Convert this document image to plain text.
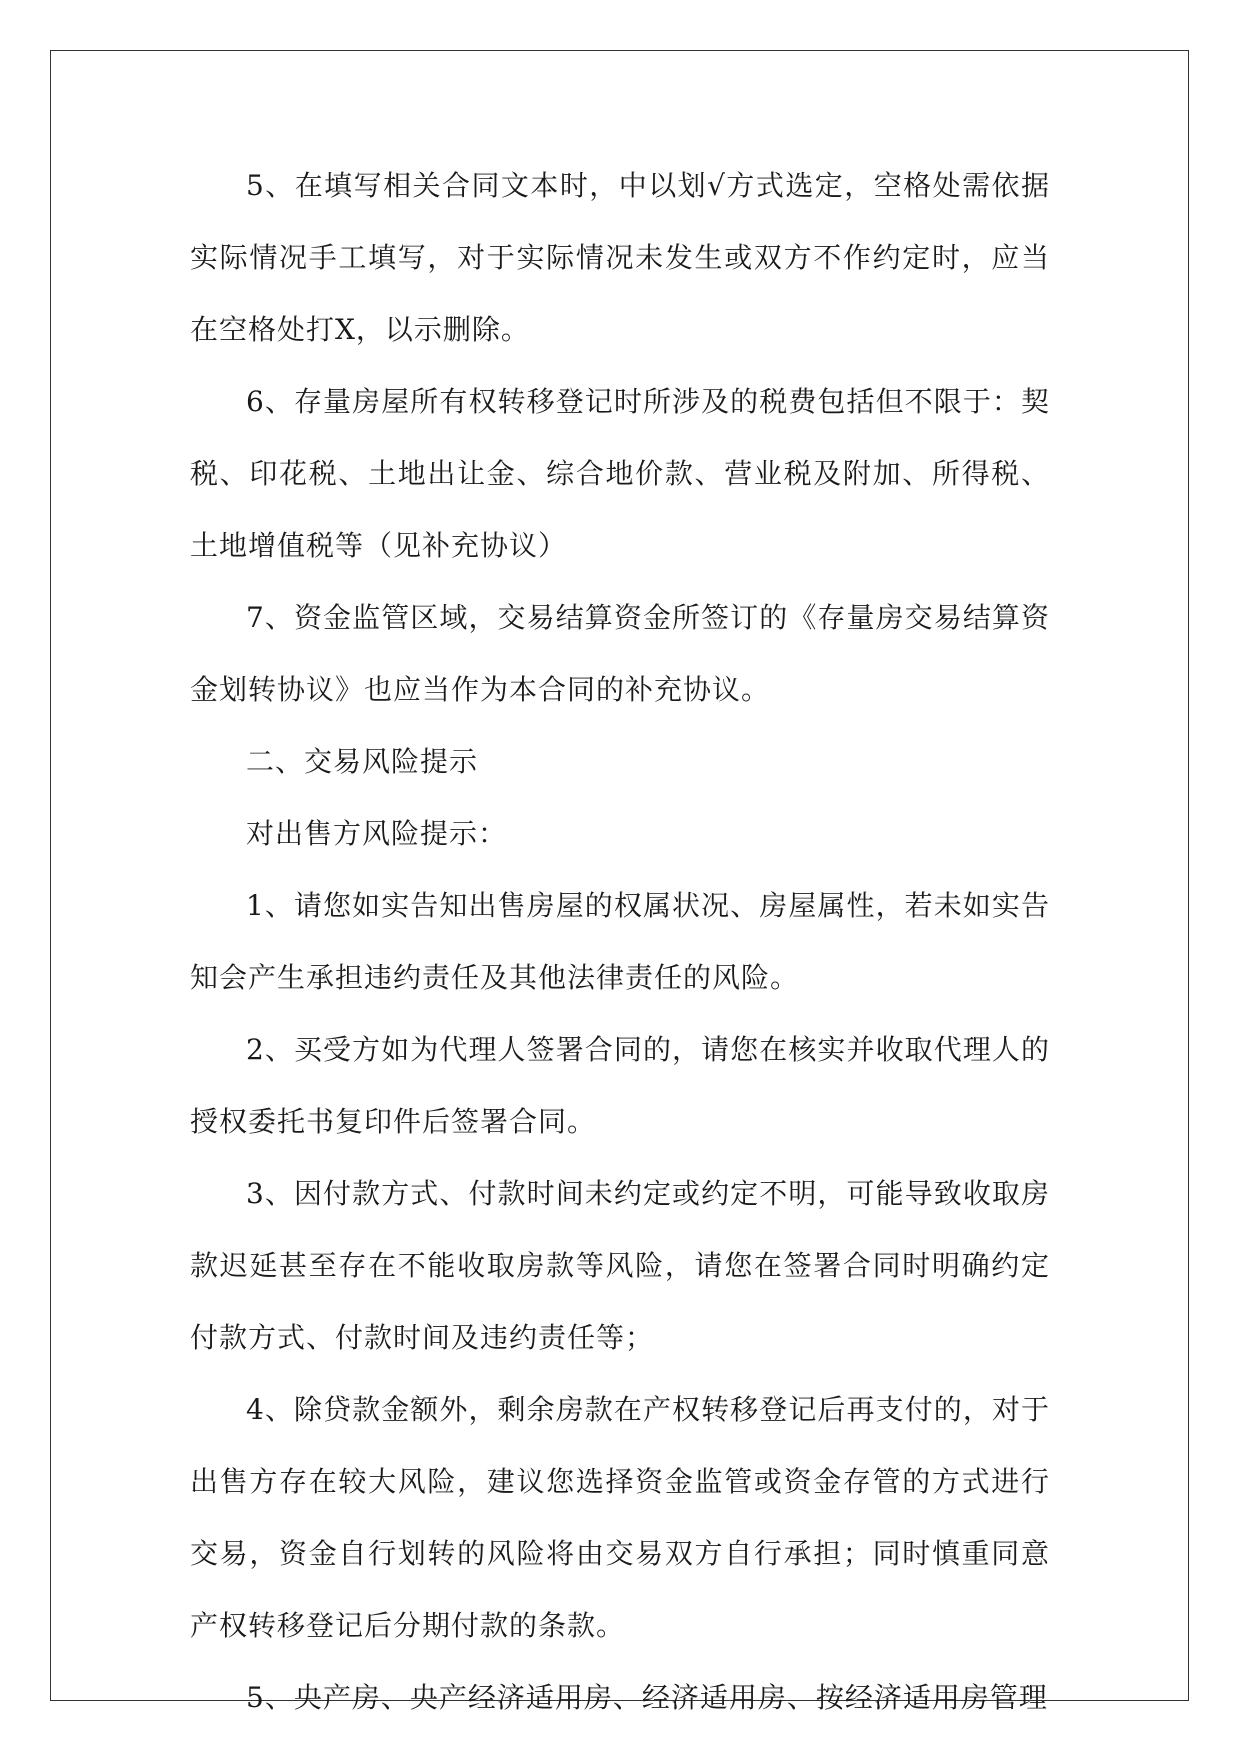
5、在填写相关合同文本时，中以划√方式选定，空格处需依据实际情况手工填写，对于实际情况未发生或双方不作约定时，应当在空格处打X，以示删除。

6、存量房屋所有权转移登记时所涉及的税费包括但不限于：契税、印花税、土地出让金、综合地价款、营业税及附加、所得税、土地增值税等（见补充协议）

7、资金监管区域，交易结算资金所签订的《存量房交易结算资金划转协议》也应当作为本合同的补充协议。

二、交易风险提示

对出售方风险提示：

1、请您如实告知出售房屋的权属状况、房屋属性，若未如实告知会产生承担违约责任及其他法律责任的风险。

2、买受方如为代理人签署合同的，请您在核实并收取代理人的授权委托书复印件后签署合同。

3、因付款方式、付款时间未约定或约定不明，可能导致收取房款迟延甚至存在不能收取房款等风险，请您在签署合同时明确约定付款方式、付款时间及违约责任等；

4、除贷款金额外，剩余房款在产权转移登记后再支付的，对于出售方存在较大风险，建议您选择资金监管或资金存管的方式进行交易，资金自行划转的风险将由交易双方自行承担；同时慎重同意产权转移登记后分期付款的条款。

5、央产房、央产经济适用房、经济适用房、按经济适用房管理
